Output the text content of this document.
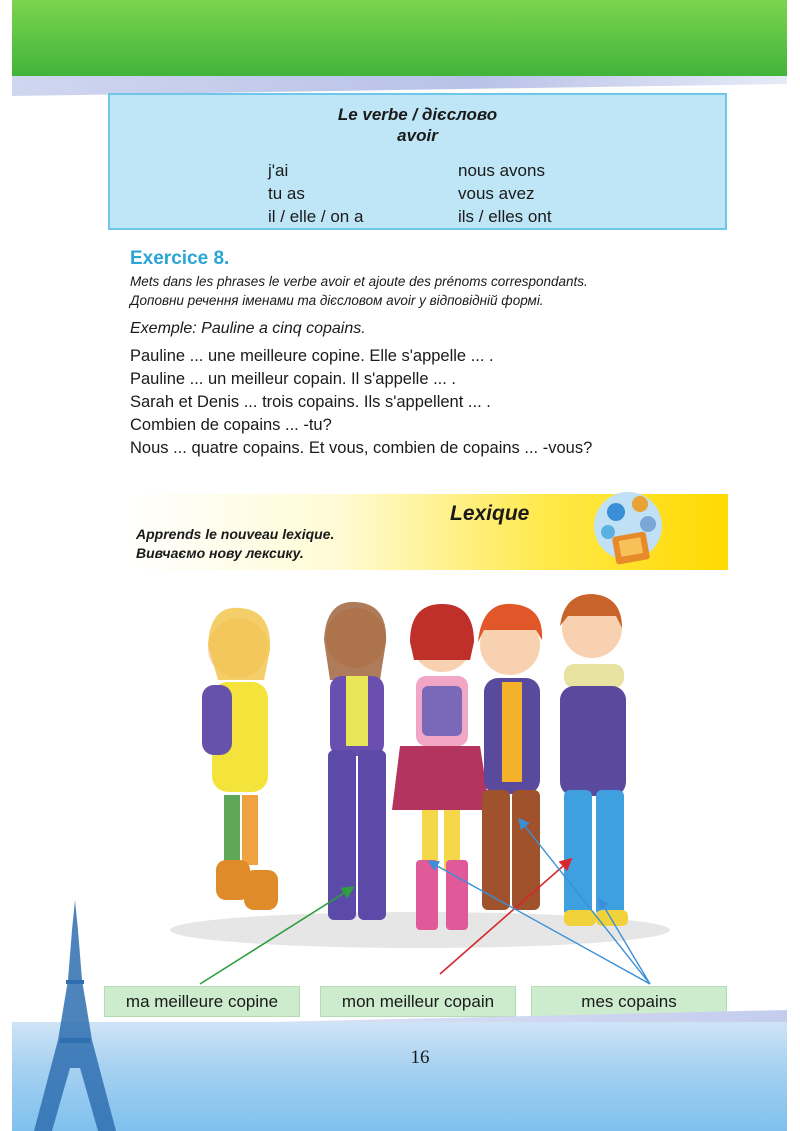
Le verbe / дієслово
avoir
j'ai
tu as
il / elle / on a
nous avons
vous avez
ils / elles ont
Exercice 8.
Mets dans les phrases le verbe avoir et ajoute des prénoms correspondants.
Доповни речення іменами та дієсловом avoir у відповідній формі.
Exemple: Pauline a cinq copains.
Pauline ... une meilleure copine. Elle s'appelle ... .
Pauline ... un meilleur copain. Il s'appelle ... .
Sarah et Denis ... trois copains. Ils s'appellent ... .
Combien de copains ... -tu?
Nous ... quatre copains. Et vous, combien de copains ... -vous?
Lexique
Apprends le nouveau lexique.
Вивчаємо нову лексику.
ma meilleure copine	mon meilleur copain	mes copains
16
